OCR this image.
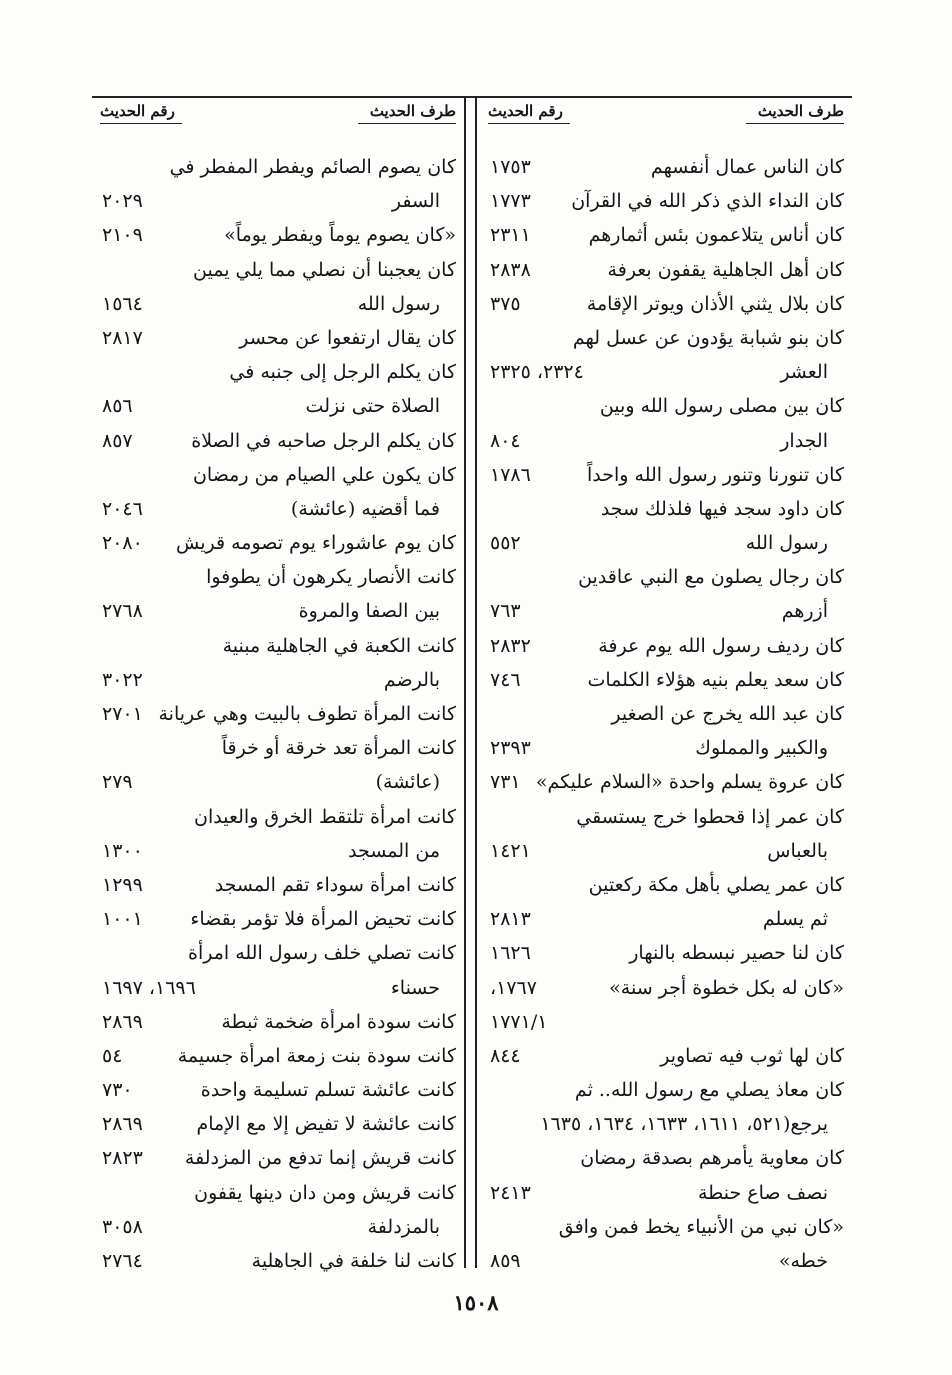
طرف الحديث
رقم الحديث
كان الناس عمال أنفسهم
١٧٥٣
كان النداء الذي ذكر الله في القرآن
١٧٧٣
كان أناس يتلاعمون بئس أثمارهم
٢٣١١
كان أهل الجاهلية يقفون بعرفة
٢٨٣٨
كان بلال يثني الأذان ويوتر الإقامة
٣٧٥
كان بنو شبابة يؤدون عن عسل لهم
العشر
٢٣٢٤، ٢٣٢٥
كان بين مصلى رسول الله وبين
الجدار
٨٠٤
كان تنورنا وتنور رسول الله واحداً
١٧٨٦
كان داود سجد فيها فلذلك سجد
رسول الله
٥٥٢
كان رجال يصلون مع النبي عاقدين
أزرهم
٧٦٣
كان رديف رسول الله يوم عرفة
٢٨٣٢
كان سعد يعلم بنيه هؤلاء الكلمات
٧٤٦
كان عبد الله يخرج عن الصغير
والكبير والمملوك
٢٣٩٣
كان عروة يسلم واحدة «السلام عليكم»
٧٣١
كان عمر إذا قحطوا خرج يستسقي
بالعباس
١٤٢١
كان عمر يصلي بأهل مكة ركعتين
ثم يسلم
٢٨١٣
كان لنا حصير نبسطه بالنهار
١٦٢٦
«كان له بكل خطوة أجر سنة»
١٧٦٧،
١٧٧١/١
كان لها ثوب فيه تصاوير
٨٤٤
كان معاذ يصلي مع رسول الله.. ثم
يرجع(٥٢١، ١٦١١، ١٦٣٣، ١٦٣٤، ١٦٣٥
كان معاوية يأمرهم بصدقة رمضان
نصف صاع حنطة
٢٤١٣
«كان نبي من الأنبياء يخط فمن وافق
خطه»
٨٥٩
طرف الحديث
رقم الحديث
كان يصوم الصائم ويفطر المفطر في
السفر
٢٠٢٩
«كان يصوم يوماً ويفطر يوماً»
٢١٠٩
كان يعجبنا أن نصلي مما يلي يمين
رسول الله
١٥٦٤
كان يقال ارتفعوا عن محسر
٢٨١٧
كان يكلم الرجل إلى جنبه في
الصلاة حتى نزلت
٨٥٦
كان يكلم الرجل صاحبه في الصلاة
٨٥٧
كان يكون علي الصيام من رمضان
فما أقضيه (عائشة)
٢٠٤٦
كان يوم عاشوراء يوم تصومه قريش
٢٠٨٠
كانت الأنصار يكرهون أن يطوفوا
بين الصفا والمروة
٢٧٦٨
كانت الكعبة في الجاهلية مبنية
بالرضم
٣٠٢٢
كانت المرأة تطوف بالبيت وهي عريانة
٢٧٠١
كانت المرأة تعد خرقة أو خرقاً
(عائشة)
٢٧٩
كانت امرأة تلتقط الخرق والعيدان
من المسجد
١٣٠٠
كانت امرأة سوداء تقم المسجد
١٢٩٩
كانت تحيض المرأة فلا تؤمر بقضاء
١٠٠١
كانت تصلي خلف رسول الله امرأة
حسناء
١٦٩٦، ١٦٩٧
كانت سودة امرأة ضخمة ثبطة
٢٨٦٩
كانت سودة بنت زمعة امرأة جسيمة
٥٤
كانت عائشة تسلم تسليمة واحدة
٧٣٠
كانت عائشة لا تفيض إلا مع الإمام
٢٨٦٩
كانت قريش إنما تدفع من المزدلفة
٢٨٢٣
كانت قريش ومن دان دينها يقفون
بالمزدلفة
٣٠٥٨
كانت لنا خلفة في الجاهلية
٢٧٦٤
١٥٠٨
